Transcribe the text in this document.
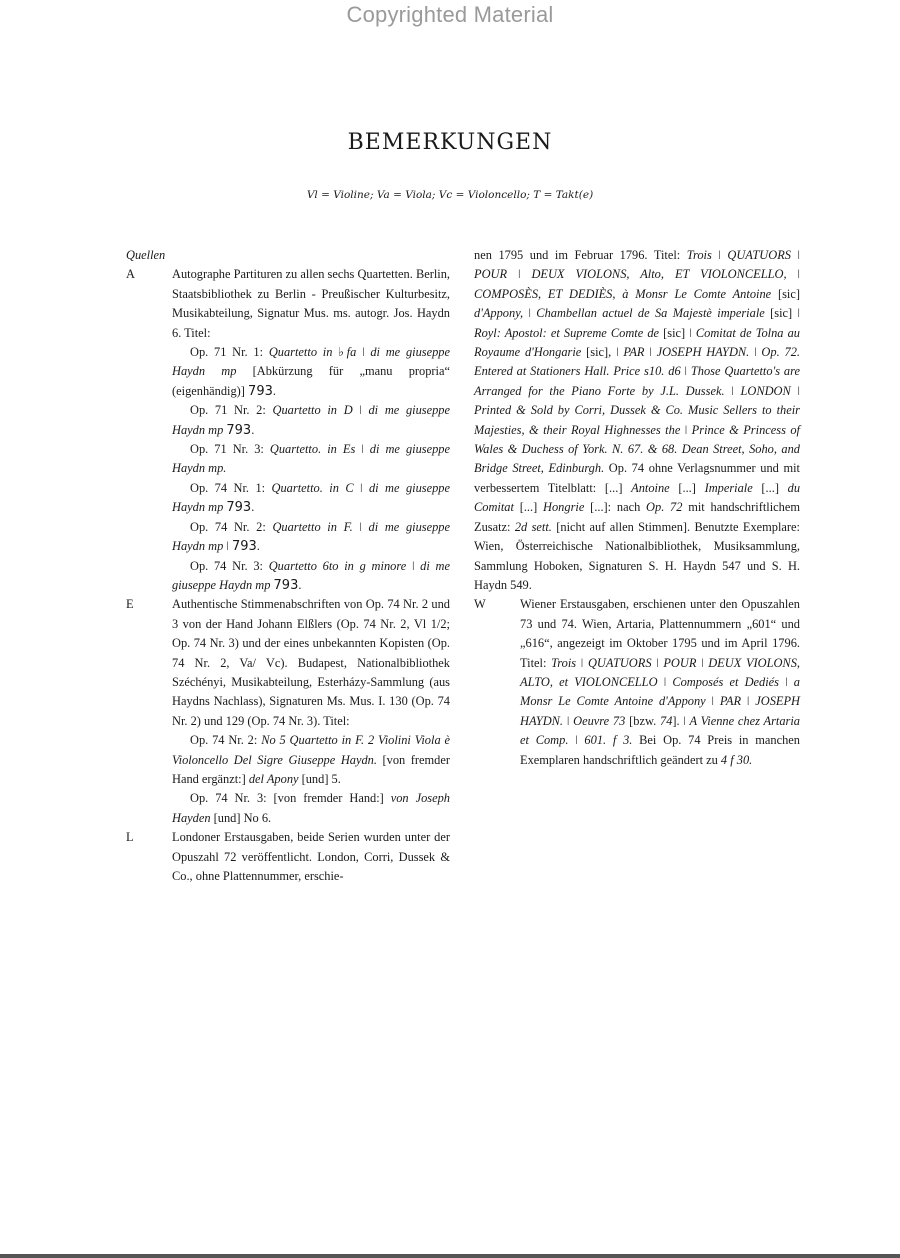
Copyrighted Material
BEMERKUNGEN
Vl = Violine; Va = Viola; Vc = Violoncello; T = Takt(e)

Quellen

A	Autographe Partituren zu allen sechs Quartetten. Berlin, Staatsbibliothek zu Berlin - Preußischer Kulturbesitz, Musikabteilung, Signatur Mus. ms. autogr. Jos. Haydn 6. Titel:

Op. 71 Nr. 1: Quartetto in ♭fa ǀ di me giuseppe Haydn mp [Abkürzung für „manu propria“ (eigenhändig)] 793.

Op. 71 Nr. 2: Quartetto in D ǀ di me giuseppe Haydn mp 793.

Op. 71 Nr. 3: Quartetto. in Es ǀ di me giuseppe Haydn mp.

Op. 74 Nr. 1: Quartetto. in C ǀ di me giuseppe Haydn mp 793.

Op. 74 Nr. 2: Quartetto in F. ǀ di me giuseppe Haydn mp ǀ 793.

Op. 74 Nr. 3: Quartetto 6to in g minore ǀ di me giuseppe Haydn mp 793.

E	Authentische Stimmenabschriften von Op. 74 Nr. 2 und 3 von der Hand Johann Elßlers (Op. 74 Nr. 2, Vl 1/2; Op. 74 Nr. 3) und der eines unbekannten Kopisten (Op. 74 Nr. 2, Va/ Vc). Budapest, Nationalbibliothek Széchényi, Musikabteilung, Esterházy-Sammlung (aus Haydns Nachlass), Signaturen Ms. Mus. I. 130 (Op. 74 Nr. 2) und 129 (Op. 74 Nr. 3). Titel:

Op. 74 Nr. 2: No 5 Quartetto in F. 2 Violini Viola è Violoncello Del Sigre Giuseppe Haydn. [von fremder Hand ergänzt:] del Apony [und] 5.

Op. 74 Nr. 3: [von fremder Hand:] von Joseph Hayden [und] No 6.

L	Londoner Erstausgaben, beide Serien wurden unter der Opuszahl 72 veröffentlicht. London, Corri, Dussek & Co., ohne Plattennummer, erschie-

nen 1795 und im Februar 1796. Titel: Trois ǀ QUATUORS ǀ POUR ǀ DEUX VIOLONS, Alto, ET VIOLONCELLO, ǀ COMPOSÈS, ET DEDIÈS, à Monsr Le Comte Antoine [sic] d'Appony, ǀ Chambellan actuel de Sa Majestè imperiale [sic] ǀ Royl: Apostol: et Supreme Comte de [sic] ǀ Comitat de Tolna au Royaume d'Hongarie [sic], ǀ PAR ǀ JOSEPH HAYDN. ǀ Op. 72. Entered at Stationers Hall. Price s10. d6 ǀ Those Quartetto's are Arranged for the Piano Forte by J.L. Dussek. ǀ LONDON ǀ Printed & Sold by Corri, Dussek & Co. Music Sellers to their Majesties, & their Royal Highnesses the ǀ Prince & Princess of Wales & Duchess of York. N. 67. & 68. Dean Street, Soho, and Bridge Street, Edinburgh. Op. 74 ohne Verlagsnummer und mit verbessertem Titelblatt: [...] Antoine [...] Imperiale [...] du Comitat [...] Hongrie [...]: nach Op. 72 mit handschriftlichem Zusatz: 2d sett. [nicht auf allen Stimmen]. Benutzte Exemplare: Wien, Österreichische Nationalbibliothek, Musiksammlung, Sammlung Hoboken, Signaturen S. H. Haydn 547 und S. H. Haydn 549.

W	Wiener Erstausgaben, erschienen unter den Opuszahlen 73 und 74. Wien, Artaria, Plattennummern „601“ und „616“, angezeigt im Oktober 1795 und im April 1796. Titel: Trois ǀ QUATUORS ǀ POUR ǀ DEUX VIOLONS, ALTO, et VIOLONCELLO ǀ Composés et Dediés ǀ a Monsr Le Comte Antoine d'Appony ǀ PAR ǀ JOSEPH HAYDN. ǀ Oeuvre 73 [bzw. 74]. ǀ A Vienne chez Artaria et Comp. ǀ 601. f 3. Bei Op. 74 Preis in manchen Exemplaren handschriftlich geändert zu 4 f 30.
